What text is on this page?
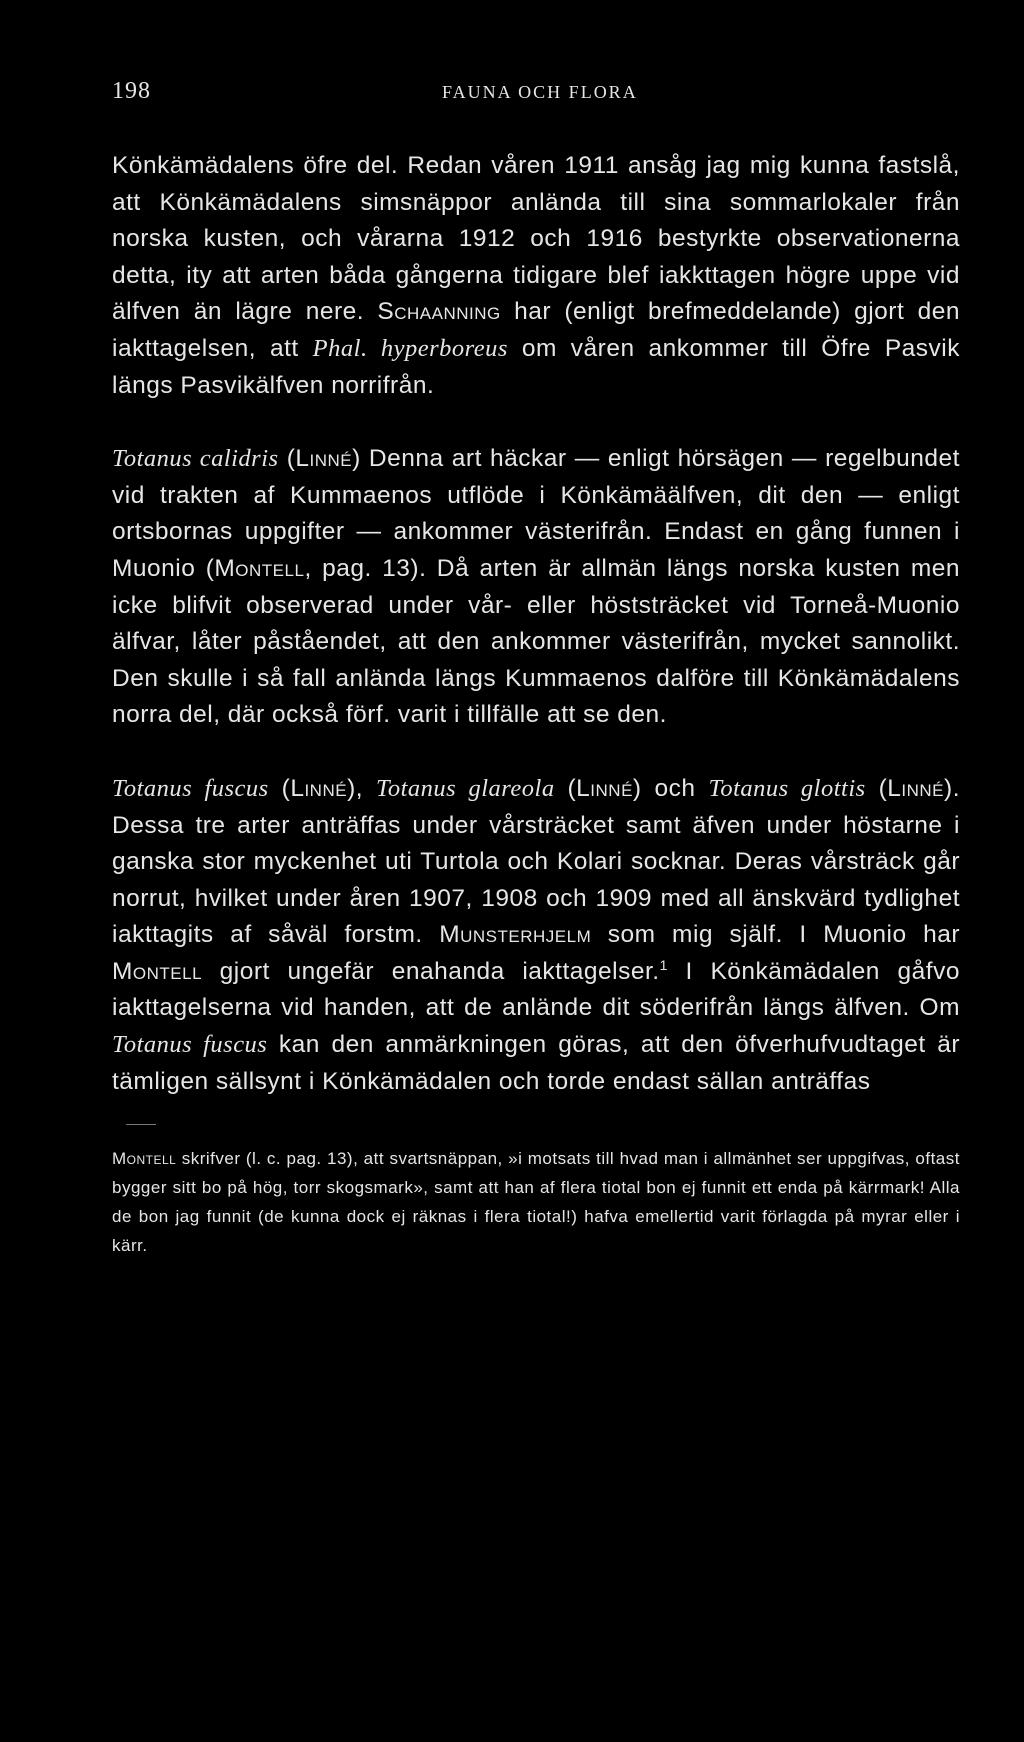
198	FAUNA OCH FLORA

Könkämädalens öfre del. Redan våren 1911 ansåg jag mig kunna fastslå, att Könkämädalens simsnäppor anlända till sina sommarlokaler från norska kusten, och vårarna 1912 och 1916 bestyrkte observationerna detta, ity att arten båda gångerna tidigare blef iakkttagen högre uppe vid älfven än lägre nere. Schaanning har (enligt brefmeddelande) gjort den iakttagelsen, att Phal. hyperboreus om våren ankommer till Öfre Pasvik längs Pasvikälfven norrifrån.

Totanus calidris (Linné) Denna art häckar — enligt hörsägen — regelbundet vid trakten af Kummaenos utflöde i Könkämäälfven, dit den — enligt ortsbornas uppgifter — ankommer västerifrån. Endast en gång funnen i Muonio (Montell, pag. 13). Då arten är allmän längs norska kusten men icke blifvit observerad under vår- eller höststräcket vid Torneå-Muonio älfvar, låter påståendet, att den ankommer västerifrån, mycket sannolikt. Den skulle i så fall anlända längs Kummaenos dalföre till Könkämädalens norra del, där också förf. varit i tillfälle att se den.

Totanus fuscus (Linné), Totanus glareola (Linné) och Totanus glottis (Linné). Dessa tre arter anträffas under vårsträcket samt äfven under höstarne i ganska stor myckenhet uti Turtola och Kolari socknar. Deras vårsträck går norrut, hvilket under åren 1907, 1908 och 1909 med all änskvärd tydlighet iakttagits af såväl forstm. Munsterhjelm som mig själf. I Muonio har Montell gjort ungefär enahanda iakttagelser.$^1$ I Könkämädalen gåfvo iakttagelserna vid handen, att de anlände dit söderifrån längs älfven. Om Totanus fuscus kan den anmärkningen göras, att den öfverhufvudtaget är tämligen sällsynt i Könkämädalen och torde endast sällan anträffas

Montell skrifver (l. c. pag. 13), att svartsnäppan, »i motsats till hvad man i allmänhet ser uppgifvas, oftast bygger sitt bo på hög, torr skogsmark», samt att han af flera tiotal bon ej funnit ett enda på kärrmark! Alla de bon jag funnit (de kunna dock ej räknas i flera tiotal!) hafva emellertid varit förlagda på myrar eller i kärr.
